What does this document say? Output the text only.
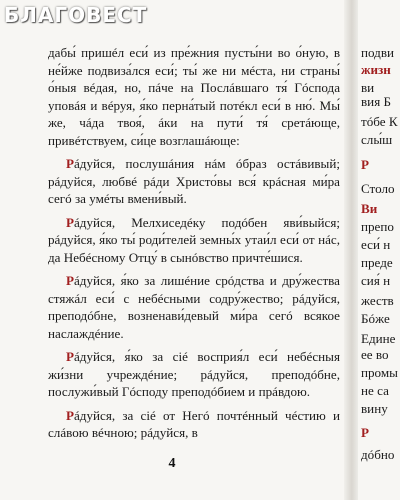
дабы́ пришéл еси́ из пре́жния пусты́ни во о́ную, в не́йже подвиза́лся еси́; ты́ же ни мéста, ни страны́ о́ныя вéдая, но, пáче на Послáвшаго тя́ Гóспода уповáя и вéруя, я́ко перна́тый потéкл еси́ в ню́. Мы́ же, чáда твоя́, áки на пути́ тя́ сретáюще, привéтствуем, си́це возглашáюще:

Рáдуйся, послушáния нáм óбраз остáвивый; рáдуйся, любвé рáди Христо́вы вся́ крáсная ми́ра сегó за умéты вмени́вый.

Рáдуйся, Мелхиседéку подóбен яви́выйся; рáдуйся, я́ко ты́ роди́телей земны́х утаи́л еси́ от нáс, да Небéсному Отцу́ в сынóвство причте́шися.

Рáдуйся, я́ко за лишéние срóдства и дру́жества стяжáл еси́ с небéсными содру́жество; рáдуйся, преподóбне, возненави́девый ми́ра сегó всякое наслаждéние.

Рáдуйся, я́ко за сié восприя́л еси́ небéсныя жи́зни учреждéние; рáдуйся, преподóбне, послужи́вый Гóсподу преподóбием и прáвдою.

Рáдуйся, за сié от Негó почтéнный чéстию и слáвою вéчною; рáдуйся, в

4
подви
жизн
ви
вия Б
тóбе К
слы́ш
Р
Столо
Ви
препо
еси́ н
преде
сия́ н
жеств
Бóже
Едине
ее во
промы
не са
вину
Р
дóбно
БЛАГОВЕСТ
